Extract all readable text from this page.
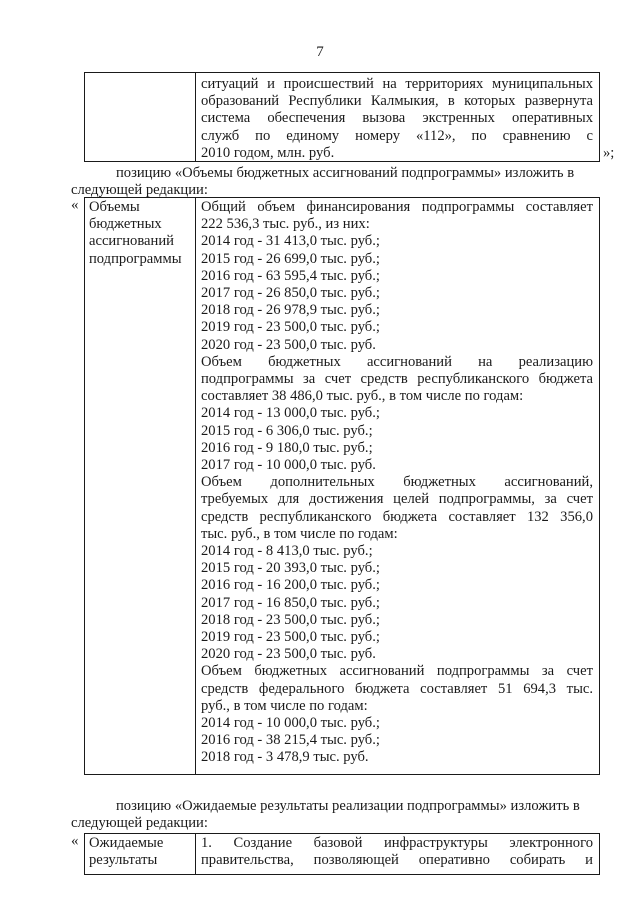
7
ситуаций и происшествий на территориях муниципальных
образований Республики Калмыкия, в которых развернута
система обеспечения вызова экстренных оперативных
служб по единому номеру «112», по сравнению с
2010 годом, млн. руб.	»;
позицию «Объемы бюджетных ассигнований подпрограммы» изложить в
следующей редакции:
« Объемы
бюджетных
ассигнований
подпрограммы
Общий объем финансирования подпрограммы составляет
222 536,3 тыс. руб., из них:
2014 год - 31 413,0 тыс. руб.;
2015 год - 26 699,0 тыс. руб.;
2016 год - 63 595,4 тыс. руб.;
2017 год - 26 850,0 тыс. руб.;
2018 год - 26 978,9 тыс. руб.;
2019 год - 23 500,0 тыс. руб.;
2020 год - 23 500,0 тыс. руб.
Объем бюджетных ассигнований на реализацию
подпрограммы за счет средств республиканского бюджета
составляет 38 486,0 тыс. руб., в том числе по годам:
2014 год - 13 000,0 тыс. руб.;
2015 год - 6 306,0 тыс. руб.;
2016 год - 9 180,0 тыс. руб.;
2017 год - 10 000,0 тыс. руб.
Объем дополнительных бюджетных ассигнований,
требуемых для достижения целей подпрограммы, за счет
средств республиканского бюджета составляет 132 356,0
тыс. руб., в том числе по годам:
2014 год - 8 413,0 тыс. руб.;
2015 год - 20 393,0 тыс. руб.;
2016 год - 16 200,0 тыс. руб.;
2017 год - 16 850,0 тыс. руб.;
2018 год - 23 500,0 тыс. руб.;
2019 год - 23 500,0 тыс. руб.;
2020 год - 23 500,0 тыс. руб.
Объем бюджетных ассигнований подпрограммы за счет
средств федерального бюджета составляет 51 694,3 тыс.
руб., в том числе по годам:
2014 год - 10 000,0 тыс. руб.;
2016 год - 38 215,4 тыс. руб.;
2018 год - 3 478,9 тыс. руб.
позицию «Ожидаемые результаты реализации подпрограммы» изложить в
следующей редакции:
« Ожидаемые
результаты
1. Создание базовой инфраструктуры электронного
правительства, позволяющей оперативно собирать и
